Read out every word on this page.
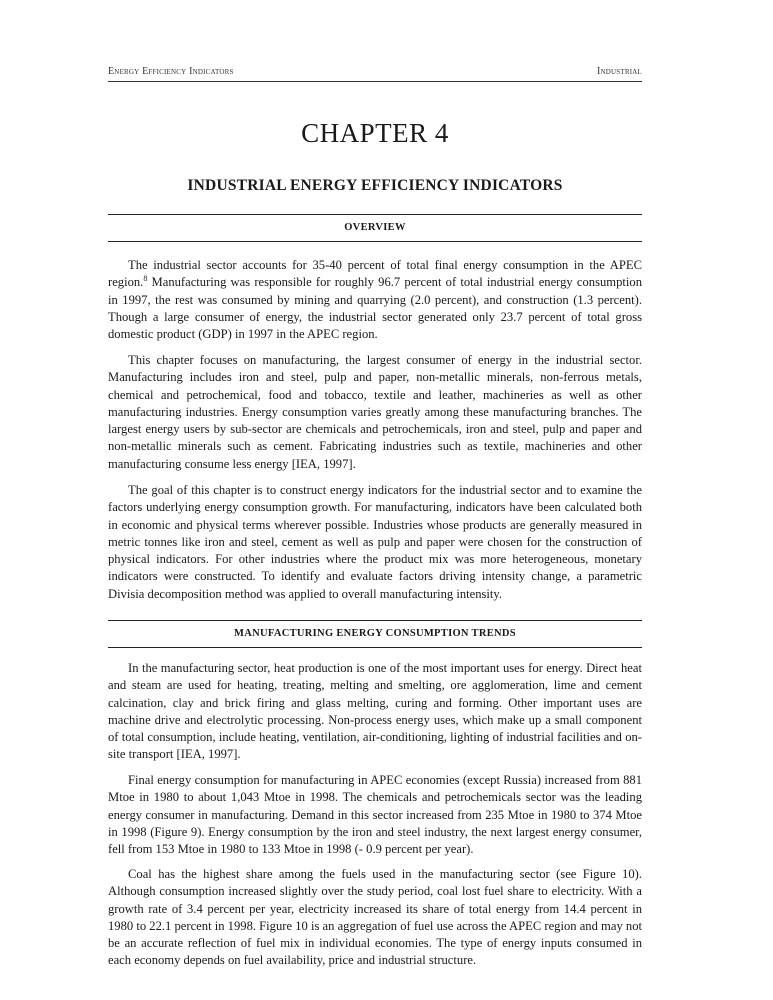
Energy Efficiency Indicators	Industrial
CHAPTER 4
INDUSTRIAL ENERGY EFFICIENCY INDICATORS
OVERVIEW

The industrial sector accounts for 35-40 percent of total final energy consumption in the APEC region.$^8$ Manufacturing was responsible for roughly 96.7 percent of total industrial energy consumption in 1997, the rest was consumed by mining and quarrying (2.0 percent), and construction (1.3 percent). Though a large consumer of energy, the industrial sector generated only 23.7 percent of total gross domestic product (GDP) in 1997 in the APEC region.

This chapter focuses on manufacturing, the largest consumer of energy in the industrial sector. Manufacturing includes iron and steel, pulp and paper, non-metallic minerals, non-ferrous metals, chemical and petrochemical, food and tobacco, textile and leather, machineries as well as other manufacturing industries. Energy consumption varies greatly among these manufacturing branches. The largest energy users by sub-sector are chemicals and petrochemicals, iron and steel, pulp and paper and non-metallic minerals such as cement. Fabricating industries such as textile, machineries and other manufacturing consume less energy [IEA, 1997].

The goal of this chapter is to construct energy indicators for the industrial sector and to examine the factors underlying energy consumption growth. For manufacturing, indicators have been calculated both in economic and physical terms wherever possible. Industries whose products are generally measured in metric tonnes like iron and steel, cement as well as pulp and paper were chosen for the construction of physical indicators. For other industries where the product mix was more heterogeneous, monetary indicators were constructed. To identify and evaluate factors driving intensity change, a parametric Divisia decomposition method was applied to overall manufacturing intensity.

MANUFACTURING ENERGY CONSUMPTION TRENDS

In the manufacturing sector, heat production is one of the most important uses for energy. Direct heat and steam are used for heating, treating, melting and smelting, ore agglomeration, lime and cement calcination, clay and brick firing and glass melting, curing and forming. Other important uses are machine drive and electrolytic processing. Non-process energy uses, which make up a small component of total consumption, include heating, ventilation, air-conditioning, lighting of industrial facilities and on-site transport [IEA, 1997].

Final energy consumption for manufacturing in APEC economies (except Russia) increased from 881 Mtoe in 1980 to about 1,043 Mtoe in 1998. The chemicals and petrochemicals sector was the leading energy consumer in manufacturing. Demand in this sector increased from 235 Mtoe in 1980 to 374 Mtoe in 1998 (Figure 9). Energy consumption by the iron and steel industry, the next largest energy consumer, fell from 153 Mtoe in 1980 to 133 Mtoe in 1998 (- 0.9 percent per year).

Coal has the highest share among the fuels used in the manufacturing sector (see Figure 10). Although consumption increased slightly over the study period, coal lost fuel share to electricity. With a growth rate of 3.4 percent per year, electricity increased its share of total energy from 14.4 percent in 1980 to 22.1 percent in 1998. Figure 10 is an aggregation of fuel use across the APEC region and may not be an accurate reflection of fuel mix in individual economies. The type of energy inputs consumed in each economy depends on fuel availability, price and industrial structure.
